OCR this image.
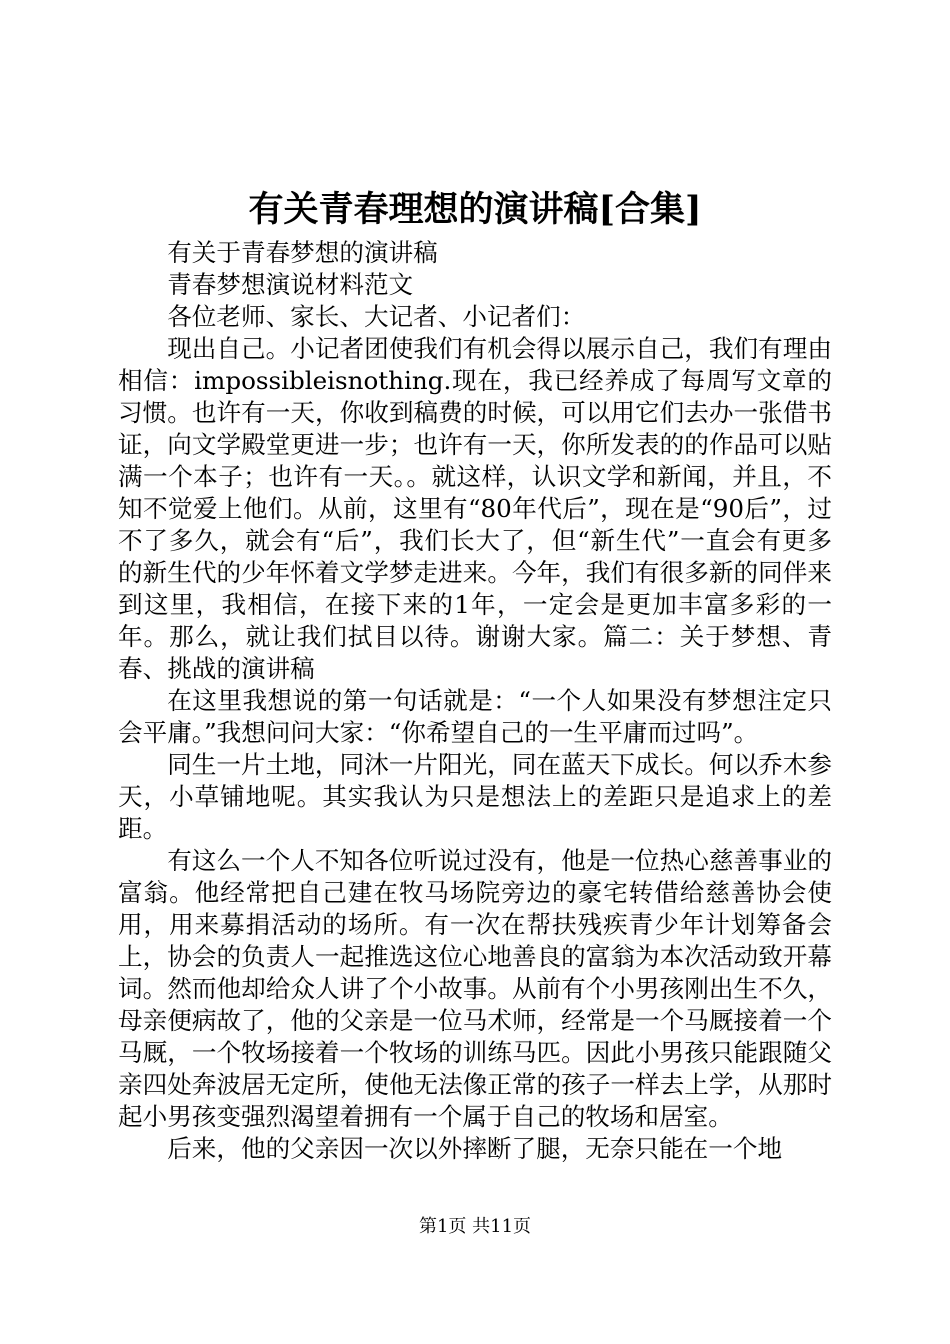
有关青春理想的演讲稿[合集]

有关于青春梦想的演讲稿

青春梦想演说材料范文

各位老师、家长、大记者、小记者们：

现出自己。小记者团使我们有机会得以展示自己，我们有理由相信：impossibleisnothing.现在，我已经养成了每周写文章的习惯。也许有一天，你收到稿费的时候，可以用它们去办一张借书证，向文学殿堂更进一步；也许有一天，你所发表的的作品可以贴满一个本子；也许有一天。。就这样，认识文学和新闻，并且，不知不觉爱上他们。从前，这里有“80年代后”，现在是“90后”，过不了多久，就会有“后”，我们长大了，但“新生代”一直会有更多的新生代的少年怀着文学梦走进来。今年，我们有很多新的同伴来到这里，我相信，在接下来的1年，一定会是更加丰富多彩的一年。那么，就让我们拭目以待。谢谢大家。篇二：关于梦想、青春、挑战的演讲稿

在这里我想说的第一句话就是：“一个人如果没有梦想注定只会平庸。”我想问问大家：“你希望自己的一生平庸而过吗”。

同生一片土地，同沐一片阳光，同在蓝天下成长。何以乔木参天，小草铺地呢。其实我认为只是想法上的差距只是追求上的差距。

有这么一个人不知各位听说过没有，他是一位热心慈善事业的富翁。他经常把自己建在牧马场院旁边的豪宅转借给慈善协会使用，用来募捐活动的场所。有一次在帮扶残疾青少年计划筹备会上，协会的负责人一起推选这位心地善良的富翁为本次活动致开幕词。然而他却给众人讲了个小故事。从前有个小男孩刚出生不久，母亲便病故了，他的父亲是一位马术师，经常是一个马厩接着一个马厩，一个牧场接着一个牧场的训练马匹。因此小男孩只能跟随父亲四处奔波居无定所，使他无法像正常的孩子一样去上学，从那时起小男孩变强烈渴望着拥有一个属于自己的牧场和居室。

后来，他的父亲因一次以外摔断了腿，无奈只能在一个地

第1页 共11页
